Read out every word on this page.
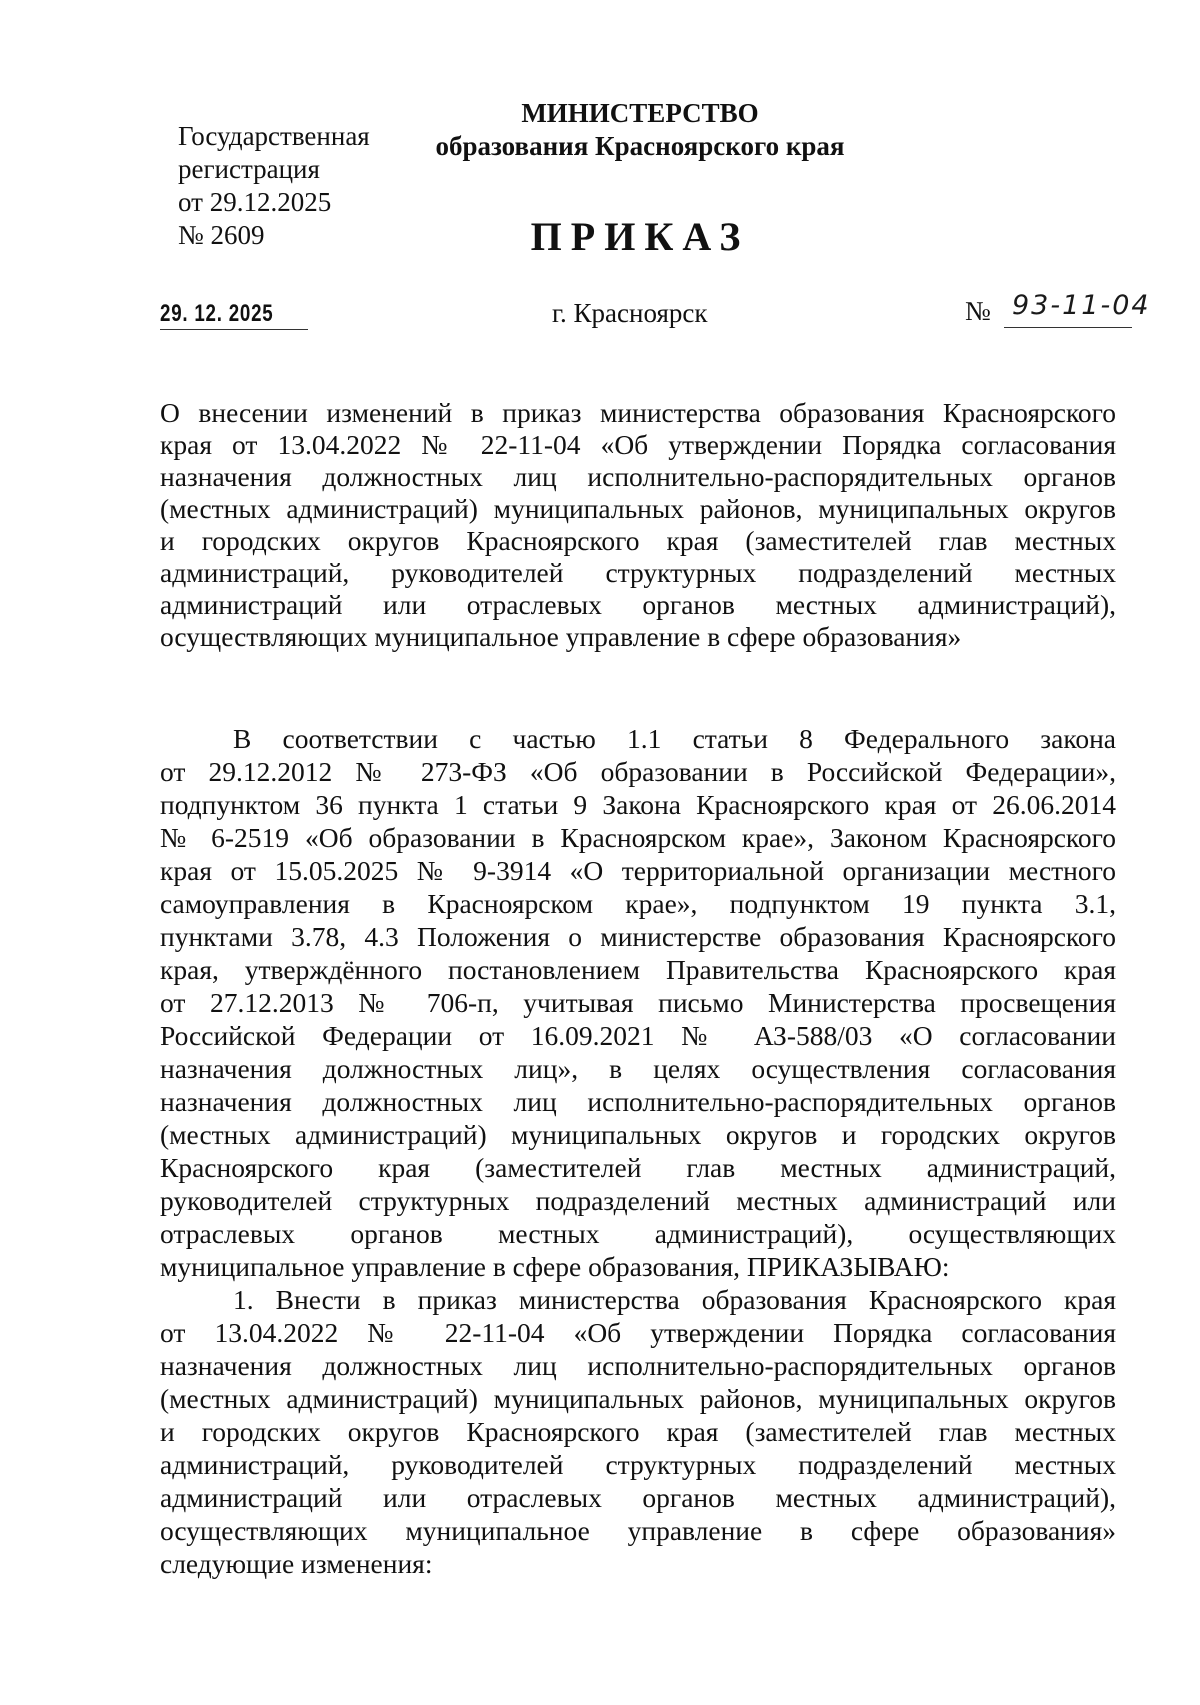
Государственная
регистрация
от 29.12.2025
№ 2609
МИНИСТЕРСТВО
образования Красноярского края
ПРИКАЗ
29. 12. 2025	г. Красноярск	№ 93-11-04
О внесении изменений в приказ министерства образования Красноярского
края от 13.04.2022 № 22-11-04 «Об утверждении Порядка согласования
назначения должностных лиц исполнительно-распорядительных органов
(местных администраций) муниципальных районов, муниципальных округов
и городских округов Красноярского края (заместителей глав местных
администраций, руководителей структурных подразделений местных
администраций или отраслевых органов местных администраций),
осуществляющих муниципальное управление в сфере образования»
В соответствии с частью 1.1 статьи 8 Федерального закона
от 29.12.2012 № 273-ФЗ «Об образовании в Российской Федерации»,
подпунктом 36 пункта 1 статьи 9 Закона Красноярского края от 26.06.2014
№ 6-2519 «Об образовании в Красноярском крае», Законом Красноярского
края от 15.05.2025 № 9-3914 «О территориальной организации местного
самоуправления в Красноярском крае», подпунктом 19 пункта 3.1,
пунктами 3.78, 4.3 Положения о министерстве образования Красноярского
края, утверждённого постановлением Правительства Красноярского края
от 27.12.2013 № 706-п, учитывая письмо Министерства просвещения
Российской Федерации от 16.09.2021 № АЗ-588/03 «О согласовании
назначения должностных лиц», в целях осуществления согласования
назначения должностных лиц исполнительно-распорядительных органов
(местных администраций) муниципальных округов и городских округов
Красноярского края (заместителей глав местных администраций,
руководителей структурных подразделений местных администраций или
отраслевых органов местных администраций), осуществляющих
муниципальное управление в сфере образования, ПРИКАЗЫВАЮ:
1. Внести в приказ министерства образования Красноярского края
от 13.04.2022 № 22-11-04 «Об утверждении Порядка согласования
назначения должностных лиц исполнительно-распорядительных органов
(местных администраций) муниципальных районов, муниципальных округов
и городских округов Красноярского края (заместителей глав местных
администраций, руководителей структурных подразделений местных
администраций или отраслевых органов местных администраций),
осуществляющих муниципальное управление в сфере образования»
следующие изменения:
